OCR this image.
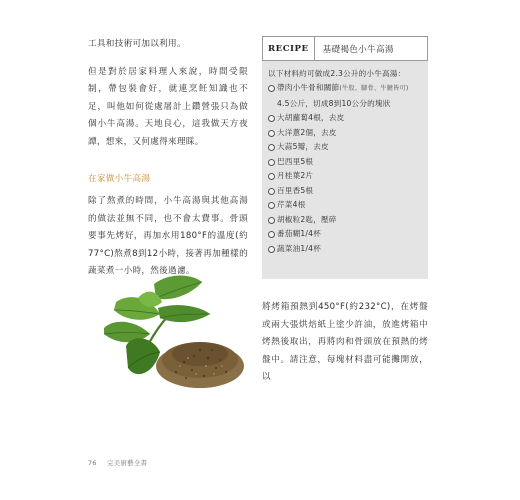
工具和技術可加以利用。

但是對於居家料理人來說，時間受限制，帶包裝會好，就連烹飪知識也不足，叫他如何從處屠計上鑽營張只為做個小牛高湯。天地良心，這我做天方夜譚，想來，又何處得來理睬。

在家做小牛高湯

除了熬煮的時間，小牛高湯與其他高湯的做法並無不同，也不會太費事。骨頭要事先烤好，再加水用180°F的溫度(約77°C)熬煮8到12小時，接著再加種樣的蔬菜煮一小時，然後過濾。

RECIPE	基礎褐色小牛高湯

以下材料約可做成2.3公升的小牛高湯：

帶肉小牛骨和關節(牛股、腳骨、牛腱皆可)
4.5公斤，切成8到10公分的塊狀
大胡蘿蔔4根，去皮
大洋蔥2個，去皮
大蒜5瓣，去皮
巴西里5根
月桂葉2片
百里香5根
芹菜4根
胡椒粒2匙，壓碎
番茄糊1/4杯
蔬菜油1/4杯

將烤箱預熱到450°F(約232°C)，在烤盤或兩大張烘焙紙上塗少許油，放進烤箱中烤熱後取出，再將肉和骨頭放在預熱的烤盤中。請注意，每塊材料盡可能攤開放，以

76 完美廚藝全書
